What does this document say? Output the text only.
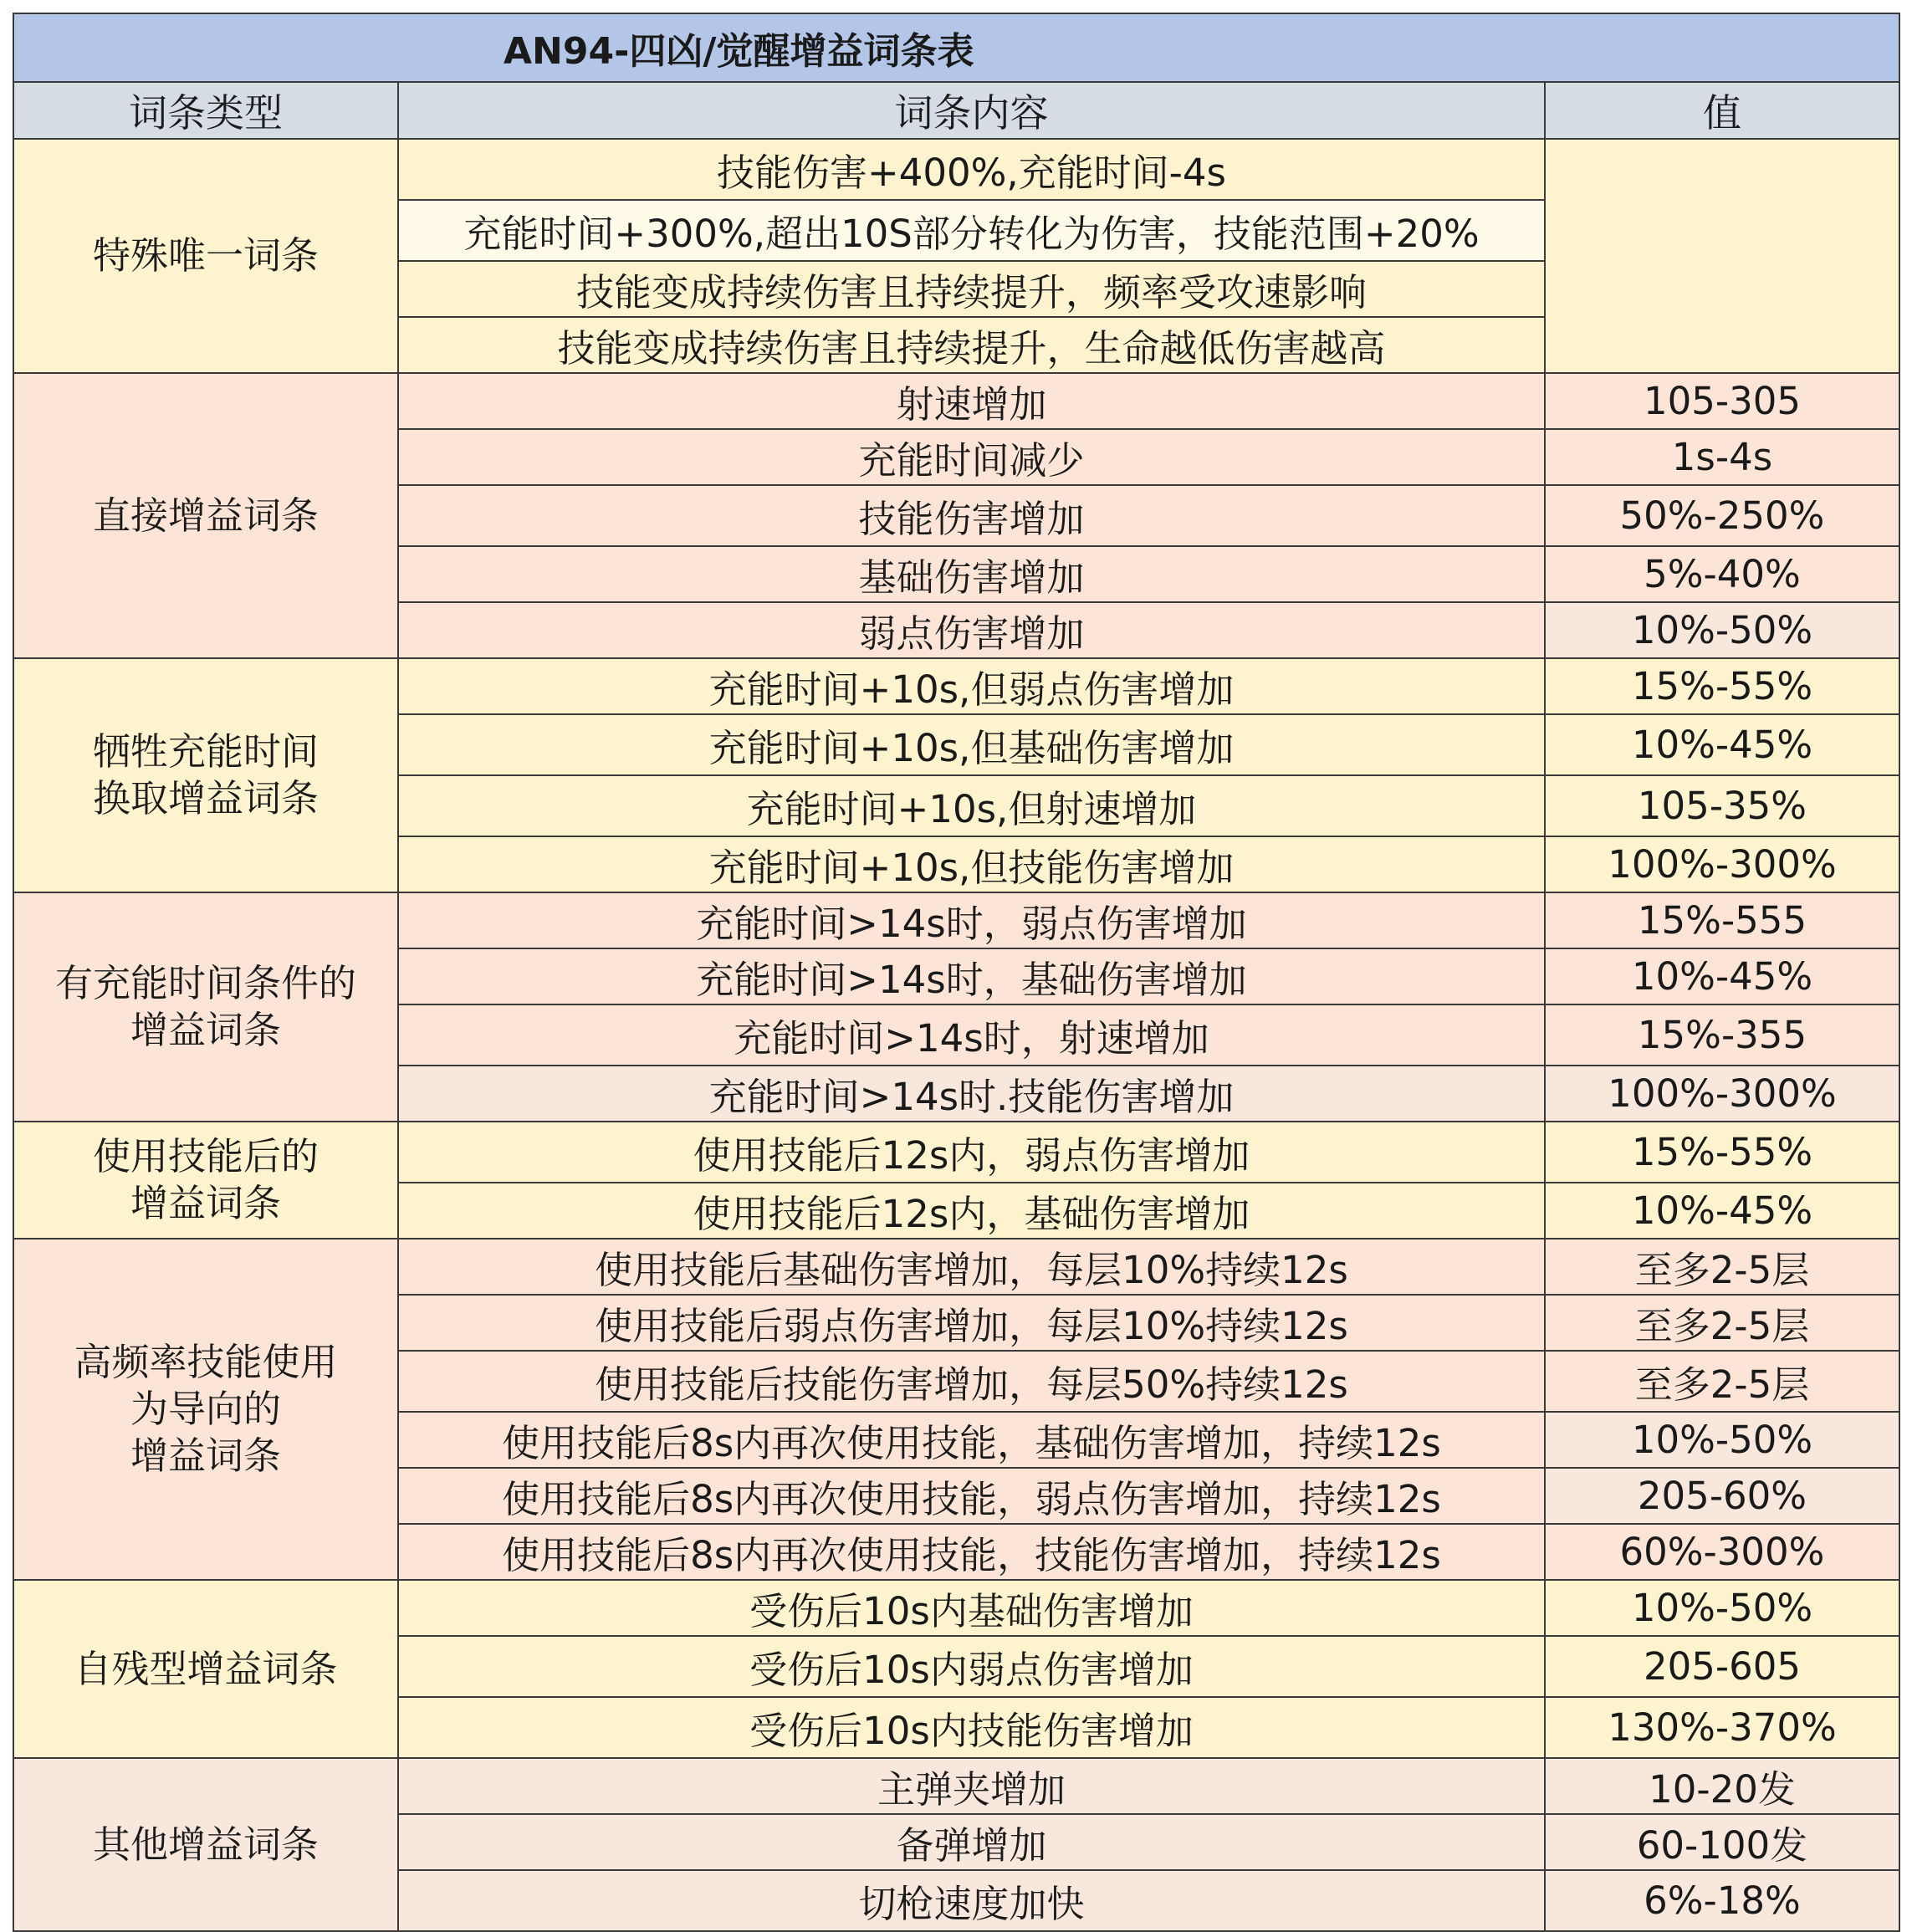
AN94-四凶/觉醒增益词条表		
词条类型	词条内容	值
特殊唯一词条	技能伤害+400%,充能时间-4s	
	充能时间+300%,超出10S部分转化为伤害，技能范围+20%	
	技能变成持续伤害且持续提升，频率受攻速影响	
	技能变成持续伤害且持续提升，生命越低伤害越高	
直接增益词条	射速增加	105-305
	充能时间减少	1s-4s
	技能伤害增加	50%-250%
	基础伤害增加	5%-40%
	弱点伤害增加	10%-50%
牺牲充能时间
换取增益词条	充能时间+10s,但弱点伤害增加	15%-55%
	充能时间+10s,但基础伤害增加	10%-45%
	充能时间+10s,但射速增加	105-35%
	充能时间+10s,但技能伤害增加	100%-300%
有充能时间条件的
增益词条	充能时间>14s时，弱点伤害增加	15%-555
	充能时间>14s时，基础伤害增加	10%-45%
	充能时间>14s时，射速增加	15%-355
	充能时间>14s时.技能伤害增加	100%-300%
使用技能后的
增益词条	使用技能后12s内，弱点伤害增加	15%-55%
	使用技能后12s内，基础伤害增加	10%-45%
高频率技能使用
为导向的
增益词条	使用技能后基础伤害增加，每层10%持续12s	至多2-5层
	使用技能后弱点伤害增加，每层10%持续12s	至多2-5层
	使用技能后技能伤害增加，每层50%持续12s	至多2-5层
	使用技能后8s内再次使用技能，基础伤害增加，持续12s	10%-50%
	使用技能后8s内再次使用技能，弱点伤害增加，持续12s	205-60%
	使用技能后8s内再次使用技能，技能伤害增加，持续12s	60%-300%
自残型增益词条	受伤后10s内基础伤害增加	10%-50%
	受伤后10s内弱点伤害增加	205-605
	受伤后10s内技能伤害增加	130%-370%
其他增益词条	主弹夹增加	10-20发
	备弹增加	60-100发
	切枪速度加快	6%-18%
